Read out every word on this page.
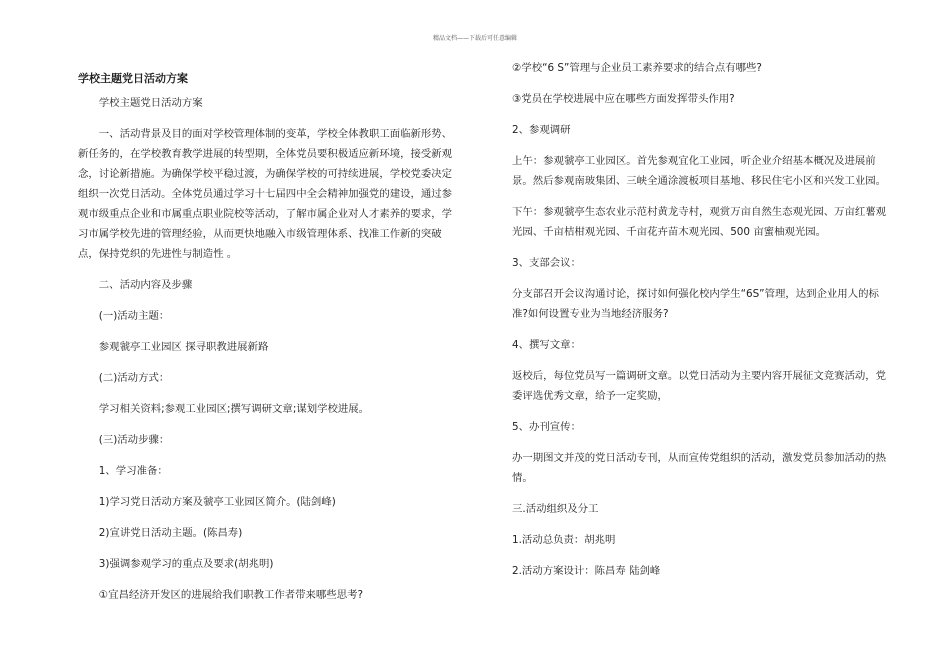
精品文档——下载后可任意编辑

学校主题党日活动方案

学校主题党日活动方案

一、活动背景及目的面对学校管理体制的变革，学校全体教职工面临新形势、新任务的，在学校教育教学进展的转型期，全体党员要积极适应新环境，接受新观念，讨论新措施。为确保学校平稳过渡，为确保学校的可持续进展，学校党委决定组织一次党日活动。全体党员通过学习十七届四中全会精神加强党的建设，通过参观市级重点企业和市属重点职业院校等活动，了解市属企业对人才素养的要求，学习市属学校先进的管理经验，从而更快地融入市级管理体系、找准工作新的突破点，保持党织的先进性与制造性 。

二、活动内容及步骤

(一)活动主题：

参观虢亭工业园区 探寻职教进展新路

(二)活动方式：

学习相关资料;参观工业园区;撰写调研文章;谋划学校进展。

(三)活动步骤：

1、学习准备：

1)学习党日活动方案及虢亭工业园区简介。(陆剑峰)

2)宣讲党日活动主题。(陈昌寿)

3)强调参观学习的重点及要求(胡兆明)

①宜昌经济开发区的进展给我们职教工作者带来哪些思考?

②学校“6 S”管理与企业员工素养要求的结合点有哪些?

③党员在学校进展中应在哪些方面发挥带头作用?

2、参观调研

上午：参观虢亭工业园区。首先参观宜化工业园，听企业介绍基本概况及进展前景。然后参观南玻集团、三峡全通涂渡板项目基地、移民住宅小区和兴发工业园。

下午：参观虢亭生态农业示范村黄龙寺村，观赏万亩自然生态观光园、万亩红薯观光园、千亩桔柑观光园、千亩花卉苗木观光园、500 亩蜜柚观光园。

3、支部会议：

分支部召开会议沟通讨论，探讨如何强化校内学生“6S”管理，达到企业用人的标准?如何设置专业为当地经济服务?

4、撰写文章：

返校后，每位党员写一篇调研文章。以党日活动为主要内容开展征文竞赛活动，党委评选优秀文章，给予一定奖励，

5、办刊宣传：

办一期图文并茂的党日活动专刊，从而宣传党组织的活动，激发党员参加活动的热情。

三.活动组织及分工

1.活动总负责：胡兆明

2.活动方案设计：陈昌寿 陆剑峰
